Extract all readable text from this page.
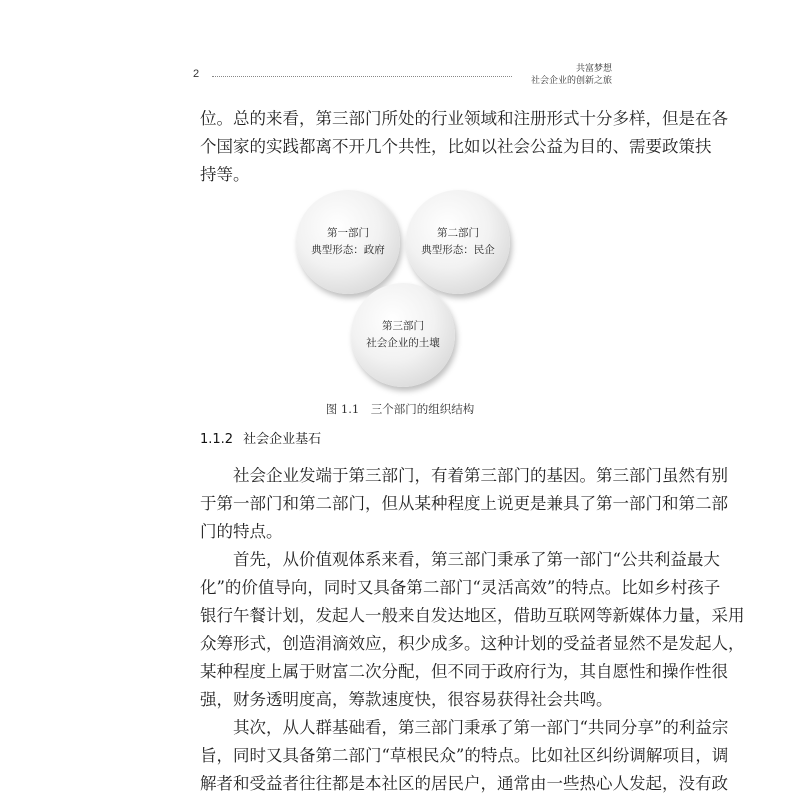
2	共富梦想
社会企业的创新之旅
位。总的来看，第三部门所处的行业领域和注册形式十分多样，但是在各
个国家的实践都离不开几个共性，比如以社会公益为目的、需要政策扶
持等。
第一部门
典型形态：政府
第二部门
典型形态：民企
第三部门
社会企业的土壤
图 1.1　三个部门的组织结构
1.1.2 社会企业基石
　　社会企业发端于第三部门，有着第三部门的基因。第三部门虽然有别
于第一部门和第二部门，但从某种程度上说更是兼具了第一部门和第二部
门的特点。
　　首先，从价值观体系来看，第三部门秉承了第一部门“公共利益最大
化”的价值导向，同时又具备第二部门“灵活高效”的特点。比如乡村孩子
银行午餐计划，发起人一般来自发达地区，借助互联网等新媒体力量，采用
众筹形式，创造涓滴效应，积少成多。这种计划的受益者显然不是发起人，
某种程度上属于财富二次分配，但不同于政府行为，其自愿性和操作性很
强，财务透明度高，筹款速度快，很容易获得社会共鸣。
　　其次，从人群基础看，第三部门秉承了第一部门“共同分享”的利益宗
旨，同时又具备第二部门“草根民众”的特点。比如社区纠纷调解项目，调
解者和受益者往往都是本社区的居民户，通常由一些热心人发起，没有政
